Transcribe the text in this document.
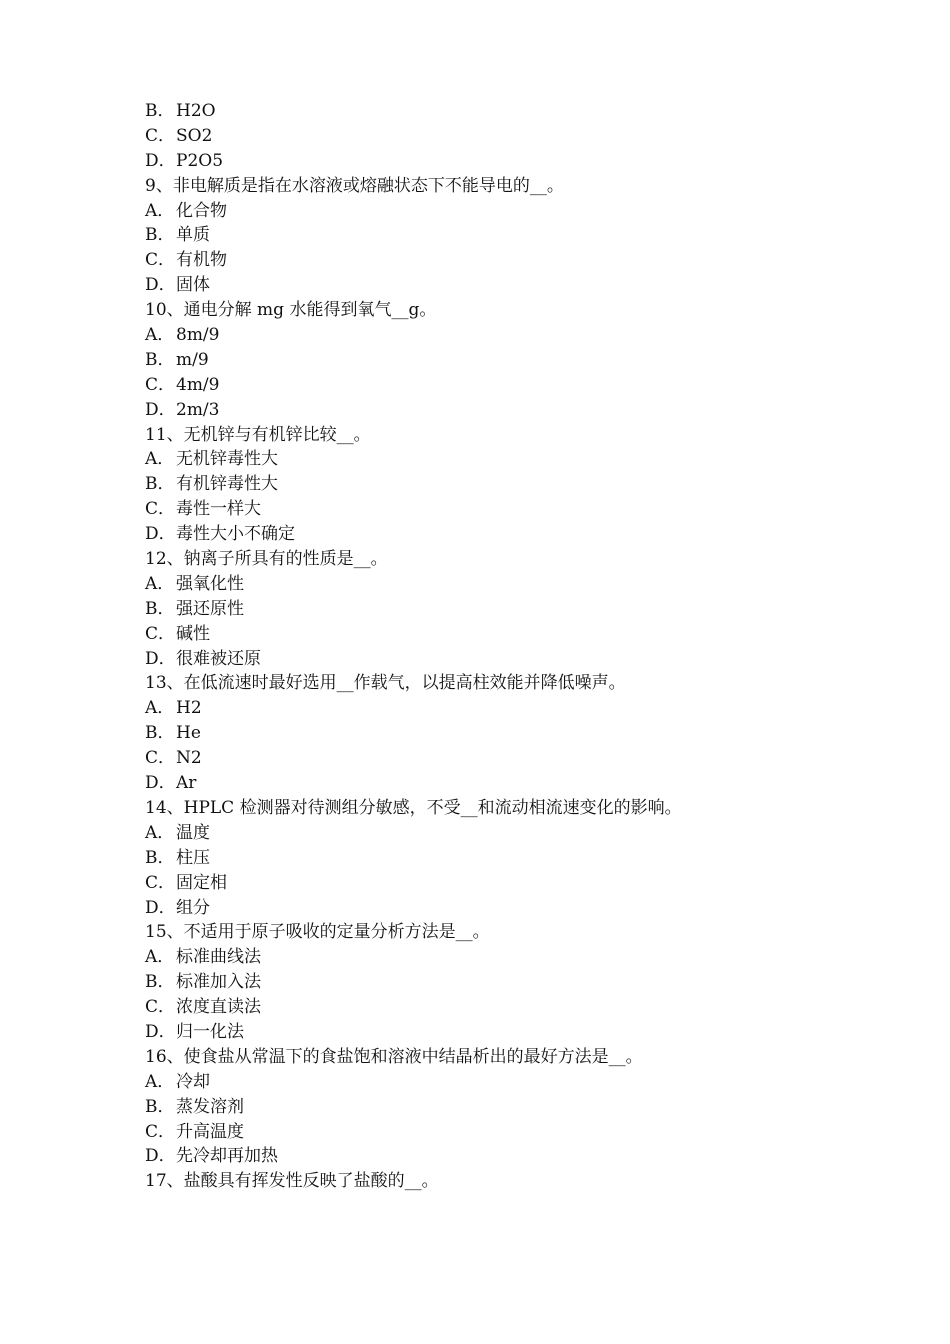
B．H2O
C．SO2
D．P2O5
9、非电解质是指在水溶液或熔融状态下不能导电的__。
A． 化合物
B．单质
C．有机物
D．固体
10、通电分解 mg 水能得到氧气__g。
A． 8m/9
B．m/9
C．4m/9
D．2m/3
11、无机锌与有机锌比较__。
A． 无机锌毒性大
B．有机锌毒性大
C．毒性一样大
D．毒性大小不确定
12、钠离子所具有的性质是__。
A． 强氧化性
B．强还原性
C．碱性
D．很难被还原
13、在低流速时最好选用__作载气，以提高柱效能并降低噪声。
A． H2
B．He
C．N2
D．Ar
14、HPLC 检测器对待测组分敏感，不受__和流动相流速变化的影响。
A． 温度
B．柱压
C．固定相
D．组分
15、不适用于原子吸收的定量分析方法是__。
A． 标准曲线法
B．标准加入法
C．浓度直读法
D．归一化法
16、使食盐从常温下的食盐饱和溶液中结晶析出的最好方法是__。
A． 冷却
B．蒸发溶剂
C．升高温度
D．先冷却再加热
17、盐酸具有挥发性反映了盐酸的__。
